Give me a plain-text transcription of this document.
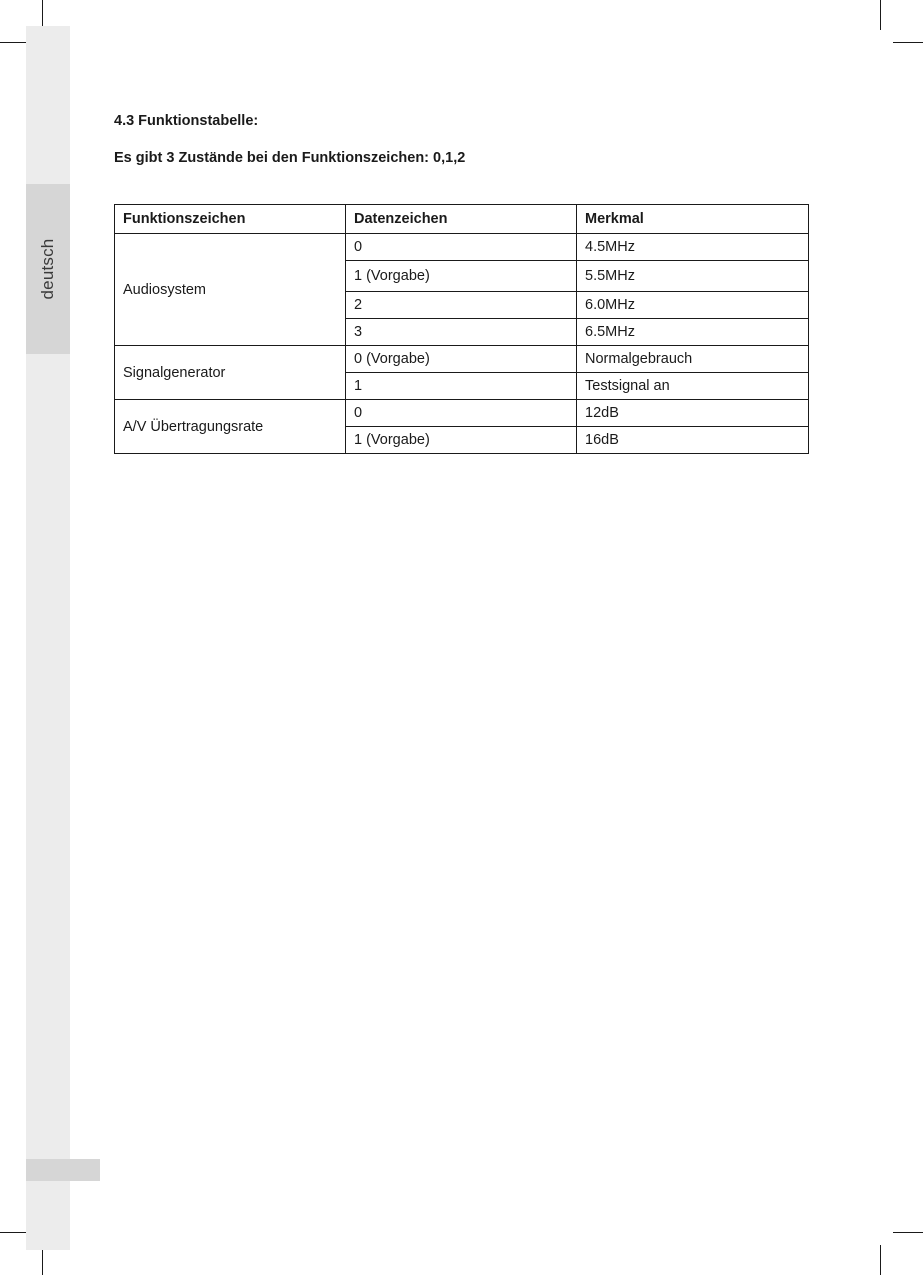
deutsch
4.3 Funktionstabelle:

Es gibt 3 Zustände bei den Funktionszeichen: 0,1,2

Funktionszeichen	Datenzeichen	Merkmal
Audiosystem	0	4.5MHz
	1 (Vorgabe)	5.5MHz
	2	6.0MHz
	3	6.5MHz
Signalgenerator	0 (Vorgabe)	Normalgebrauch
	1	Testsignal an
A/V Übertragungsrate	0	12dB
	1 (Vorgabe)	16dB
